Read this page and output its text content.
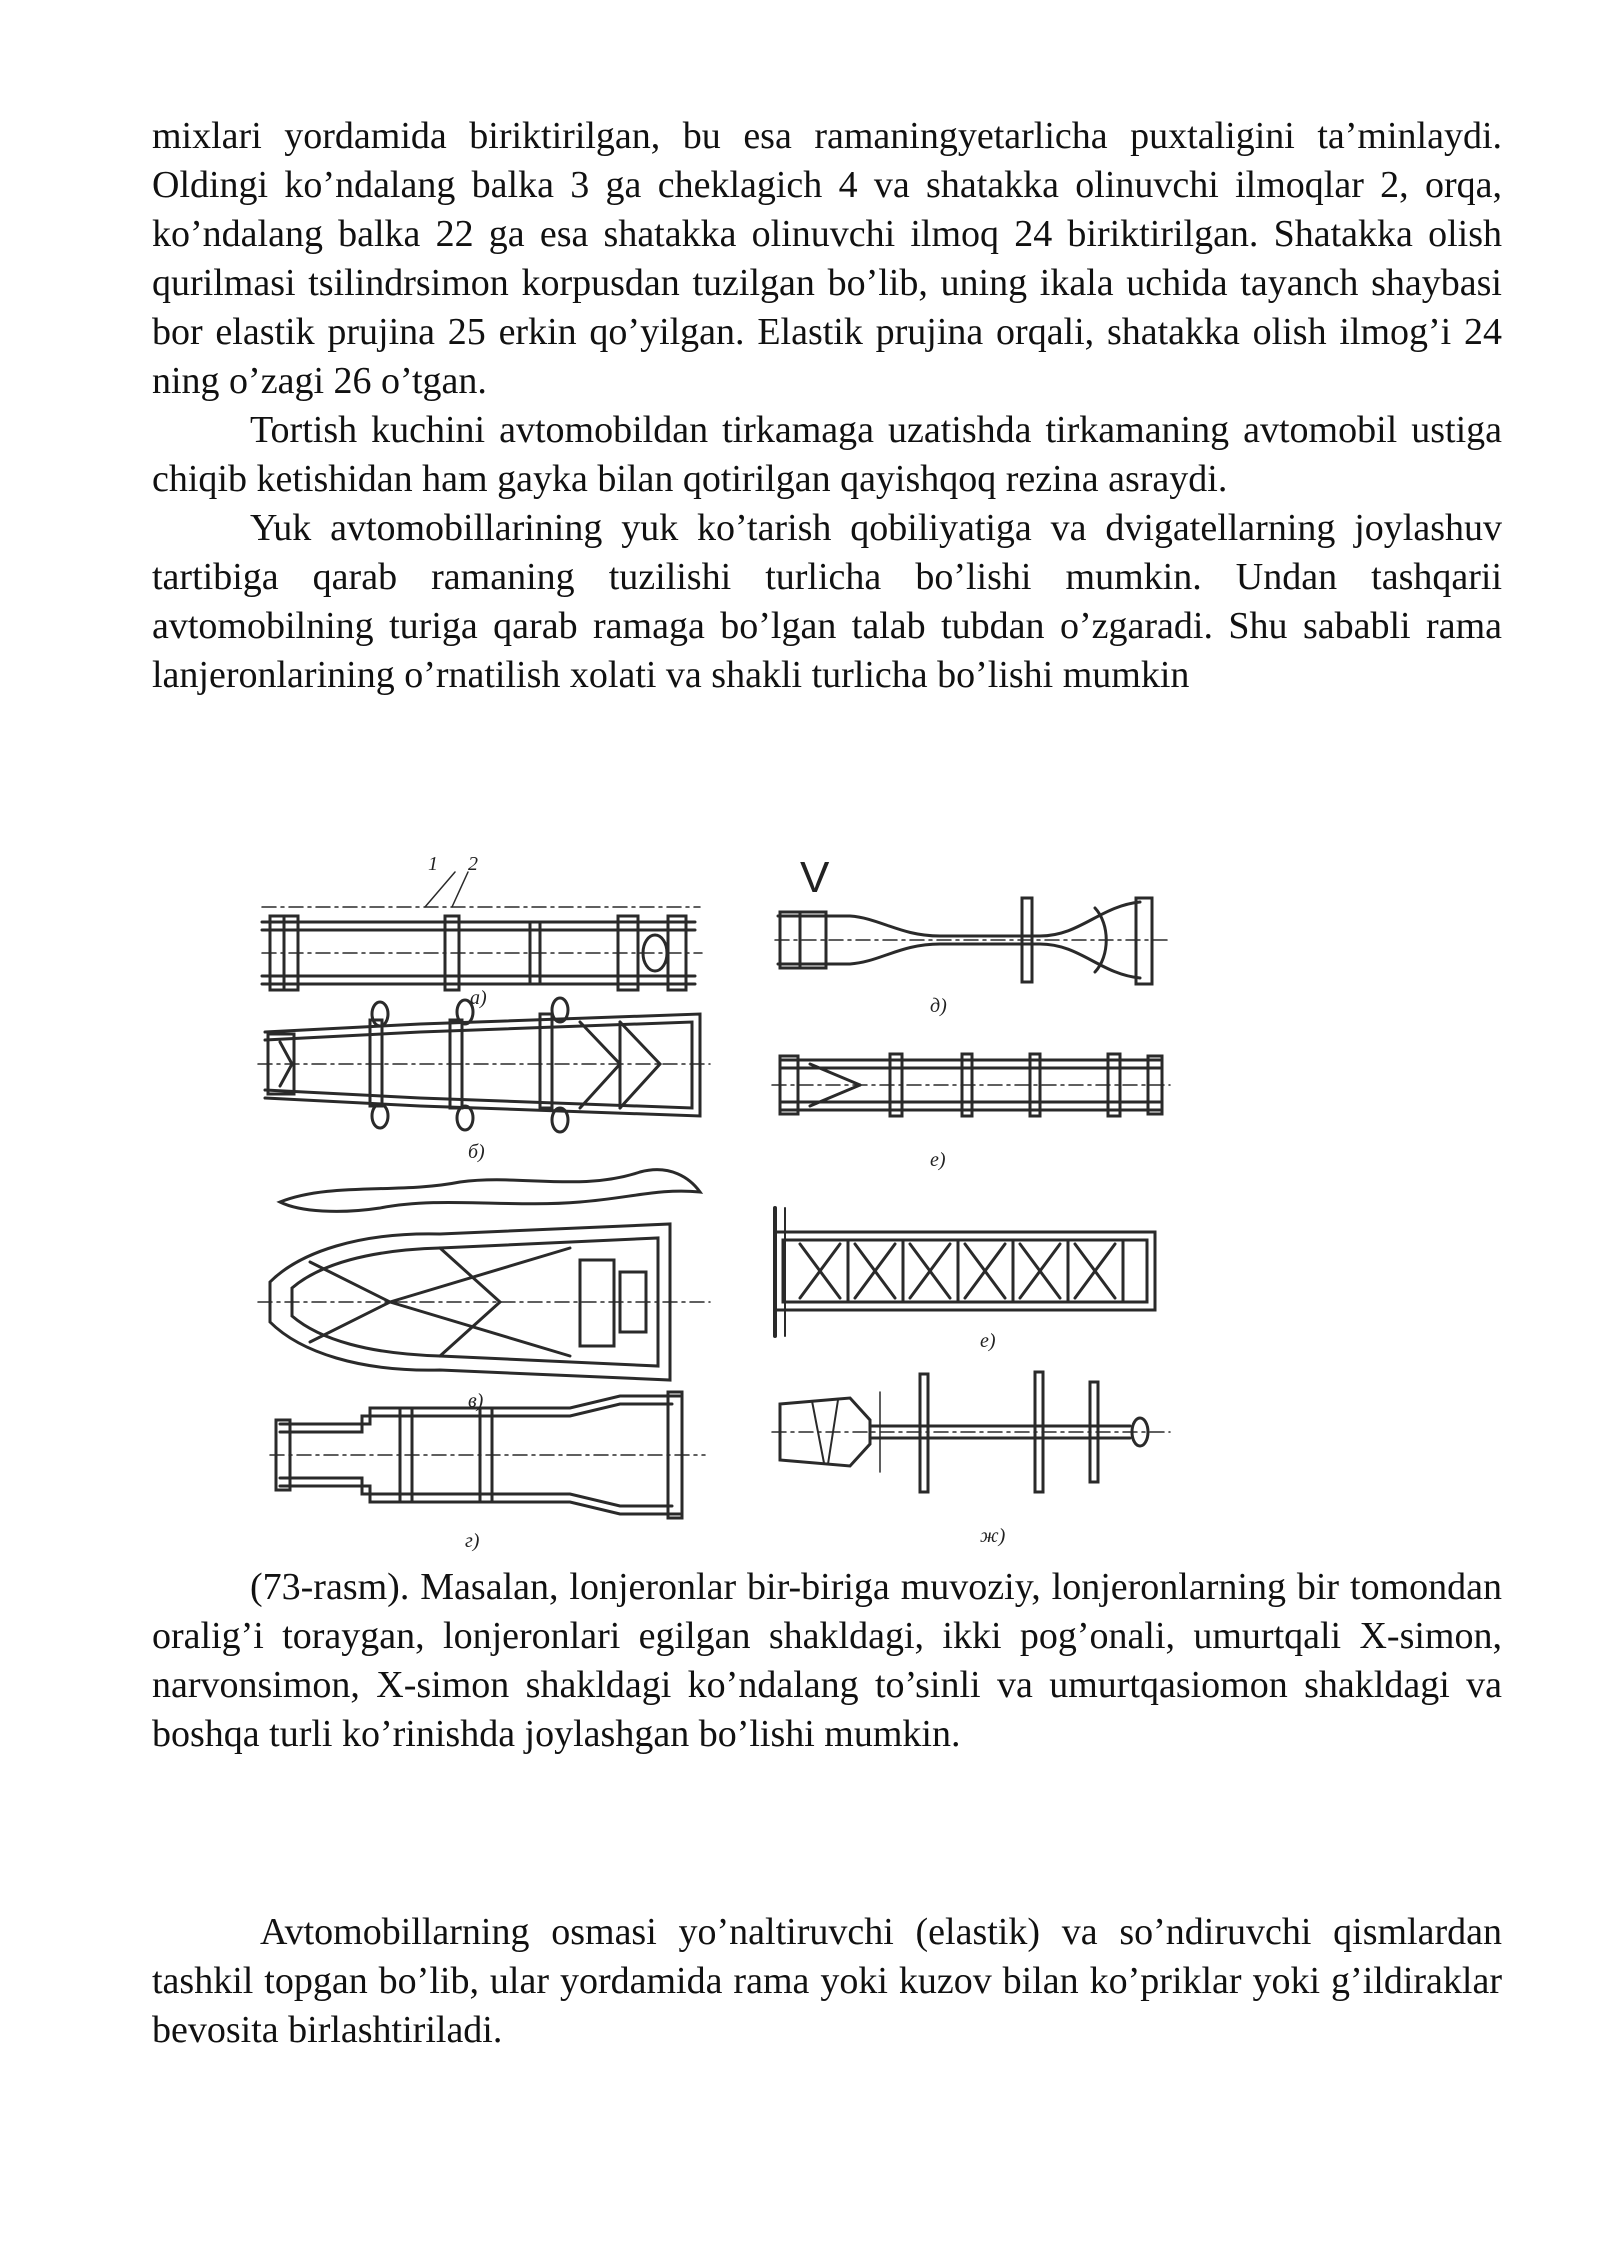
mixlari yordamida biriktirilgan, bu esa ramaningyetarlicha puxtaligini ta’minlaydi. Oldingi ko’ndalang balka 3 ga cheklagich 4 va shatakka olinuvchi ilmoqlar 2, orqa, ko’ndalang balka 22 ga esa shatakka olinuvchi ilmoq 24 biriktirilgan. Shatakka olish qurilmasi tsilindrsimon korpusdan tuzilgan bo’lib, uning ikala uchida tayanch shaybasi bor elastik prujina 25 erkin qo’yilgan. Elastik prujina orqali, shatakka olish ilmog’i 24 ning o’zagi 26 o’tgan.

Tortish kuchini avtomobildan tirkamaga uzatishda tirkamaning avtomobil ustiga chiqib ketishidan ham gayka bilan qotirilgan qayishqoq rezina asraydi.

Yuk avtomobillarining yuk ko’tarish qobiliyatiga va dvigatellarning joylashuv tartibiga qarab ramaning tuzilishi turlicha bo’lishi mumkin. Undan tashqarii avtomobilning turiga qarab ramaga bo’lgan talab tubdan o’zgaradi. Shu sababli rama lanjeronlarining o’rnatilish xolati va shakli turlicha bo’lishi mumkin

1 2	V
а)
б)
в)
г)
д)
е)
е)
ж)

(73-rasm). Masalan, lonjeronlar bir-biriga muvoziy, lonjeronlarning bir tomondan oralig’i toraygan, lonjeronlari egilgan shakldagi, ikki pog’onali, umurtqali X-simon, narvonsimon, X-simon shakldagi ko’ndalang to’sinli va umurtqasiomon shakldagi va boshqa turli ko’rinishda joylashgan bo’lishi mumkin.

Avtomobillarning osmasi yo’naltiruvchi (elastik) va so’ndiruvchi qismlardan tashkil topgan bo’lib, ular yordamida rama yoki kuzov bilan ko’priklar yoki g’ildiraklar bevosita birlashtiriladi.
